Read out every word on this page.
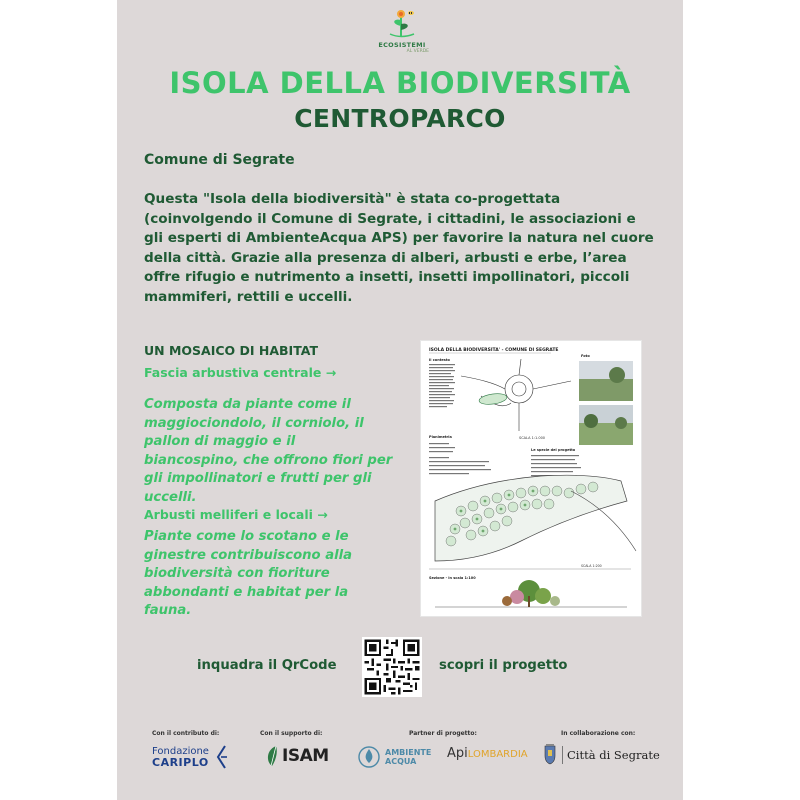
ECOSISTEMI
AL VERDE
ISOLA DELLA BIODIVERSITÀ
CENTROPARCO
Comune di Segrate
Questa "Isola della biodiversità" è stata co-progettata (coinvolgendo il Comune di Segrate, i cittadini, le associazioni e gli esperti di AmbienteAcqua APS) per favorire la natura nel cuore della città. Grazie alla presenza di alberi, arbusti e erbe, l’area offre rifugio e nutrimento a insetti, insetti impollinatori, piccoli mammiferi, rettili e uccelli.
UN MOSAICO DI HABITAT
Fascia arbustiva centrale →
Composta da piante come il maggiociondolo, il corniolo, il pallon di maggio e il biancospino, che offrono fiori per gli impollinatori e frutti per gli uccelli.
Arbusti melliferi e locali →
Piante come lo scotano e le ginestre contribuiscono alla biodiversità con fioriture abbondanti e habitat per la fauna.
ISOLA DELLA BIODIVERSITA' - COMUNE DI SEGRATE
Il contesto
SCALA 1:1.000
Foto
Planimetria
Le specie del progetto
SCALA 1:200
Sezione - in scala 1:100
inquadra il QrCode	scopri il progetto
Con il contributo di:	Con il supporto di:	Partner di progetto:	In collaborazione con:
Fondazione
CARIPLO	ISAM	AMBIENTE
ACQUA
ApiLOMBARDIA	Città di Segrate
